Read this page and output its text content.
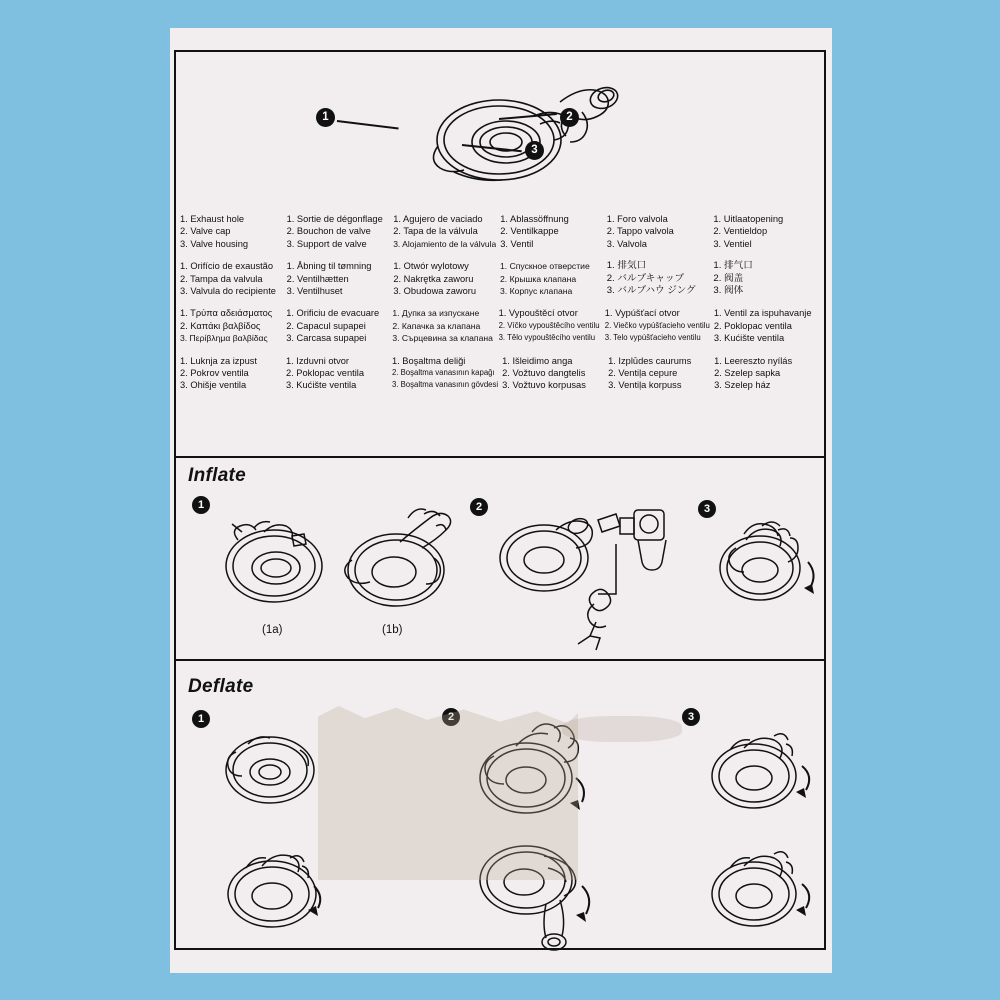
1	2
3
1. Exhaust hole
2. Valve cap
3. Valve housing
1. Sortie de dégonflage
2. Bouchon de valve
3. Support de valve
1. Agujero de vaciado
2. Tapa de la válvula
3. Alojamiento de la válvula
1. Ablassöffnung
2. Ventilkappe
3. Ventil
1. Foro valvola
2. Tappo valvola
3. Valvola
1. Uitlaatopening
2. Ventieldop
3. Ventiel
1. Orifício de exaustão
2. Tampa da valvula
3. Valvula do recipiente
1. Åbning til tømning
2. Ventilhætten
3. Ventilhuset
1. Otwór wylotowy
2. Nakrętka zaworu
3. Obudowa zaworu
1. Спускное отверстие
2. Крышка клапана
3. Корпус клапана
1. 排気口
2. バルブキャップ
3. バルブハウ ジング
1. 排气口
2. 阀盖
3. 阀体
1. Τρύπα αδειάσματος
2. Καπάκι βαλβίδος
3. Περίβλημα βαλβίδας
1. Orificiu de evacuare
2. Capacul supapei
3. Carcasa supapei
1. Дупка за изпускане
2. Капачка за клапана
3. Сърцевина за клапана
1. Vypouštěcí otvor
2. Víčko vypouštěcího ventilu
3. Tělo vypouštěcího ventilu
1. Vypúšťací otvor
2. Viečko vypúšťacieho ventilu
3. Telo vypúšťacieho ventilu
1. Ventil za ispuhavanje
2. Poklopac ventila
3. Kućište ventila
1. Luknja za izpust
2. Pokrov ventila
3. Ohišje ventila
1. Izduvni otvor
2. Poklopac ventila
3. Kućište ventila
1. Boşaltma deliği
2. Boşaltma vanasının kapağı
3. Boşaltma vanasının gövdesi
1. Išleidimo anga
2. Vožtuvo dangtelis
3. Vožtuvo korpusas
1. Izplūdes caurums
2. Ventiļa cepure
3. Ventiļa korpuss
1. Leereszto nyílás
2. Szelep sapka
3. Szelep ház
Inflate
1	2	3
(1a)	(1b)
Deflate
1	2	3
